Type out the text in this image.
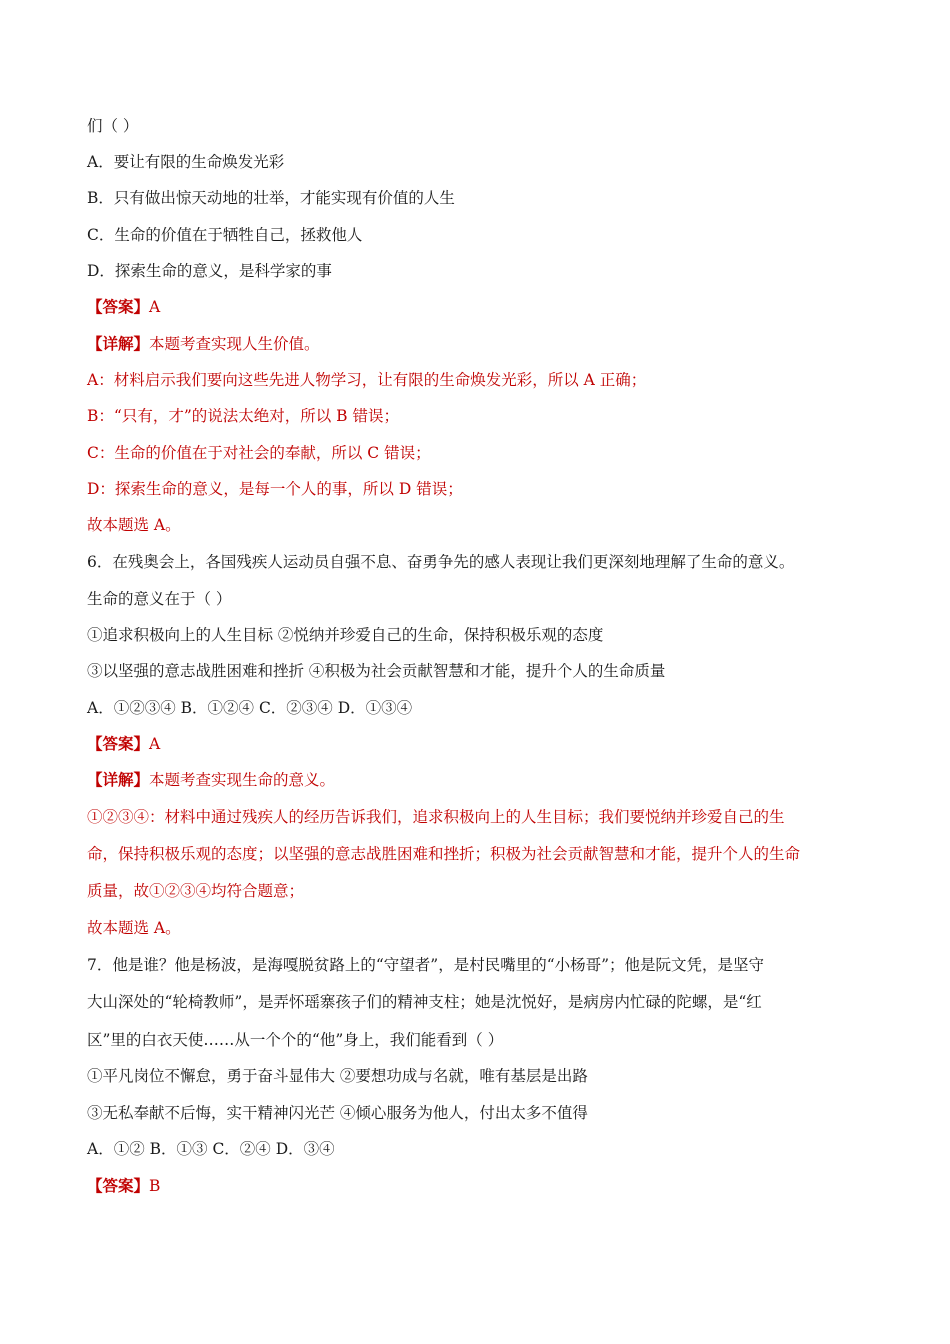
们（ ）
A．要让有限的生命焕发光彩
B．只有做出惊天动地的壮举，才能实现有价值的人生
C．生命的价值在于牺牲自己，拯救他人
D．探索生命的意义，是科学家的事
【答案】A
【详解】本题考查实现人生价值。
A：材料启示我们要向这些先进人物学习，让有限的生命焕发光彩，所以 A 正确；
B：“只有，才”的说法太绝对，所以 B 错误；
C：生命的价值在于对社会的奉献，所以 C 错误；
D：探索生命的意义，是每一个人的事，所以 D 错误；
故本题选 A。
6．在残奥会上，各国残疾人运动员自强不息、奋勇争先的感人表现让我们更深刻地理解了生命的意义。
生命的意义在于（ ）
①追求积极向上的人生目标 ②悦纳并珍爱自己的生命，保持积极乐观的态度
③以坚强的意志战胜困难和挫折 ④积极为社会贡献智慧和才能，提升个人的生命质量
A．①②③④ B．①②④ C．②③④ D．①③④
【答案】A
【详解】本题考查实现生命的意义。
①②③④：材料中通过残疾人的经历告诉我们，追求积极向上的人生目标；我们要悦纳并珍爱自己的生
命，保持积极乐观的态度；以坚强的意志战胜困难和挫折；积极为社会贡献智慧和才能，提升个人的生命
质量，故①②③④均符合题意；
故本题选 A。
7．他是谁？他是杨波，是海嘎脱贫路上的“守望者”，是村民嘴里的“小杨哥”；他是阮文凭，是坚守
大山深处的“轮椅教师”，是弄怀瑶寨孩子们的精神支柱；她是沈悦好，是病房内忙碌的陀螺，是“红
区”里的白衣天使……从一个个的“他”身上，我们能看到（ ）
①平凡岗位不懈怠，勇于奋斗显伟大 ②要想功成与名就，唯有基层是出路
③无私奉献不后悔，实干精神闪光芒 ④倾心服务为他人，付出太多不值得
A．①② B．①③ C．②④ D．③④
【答案】B
